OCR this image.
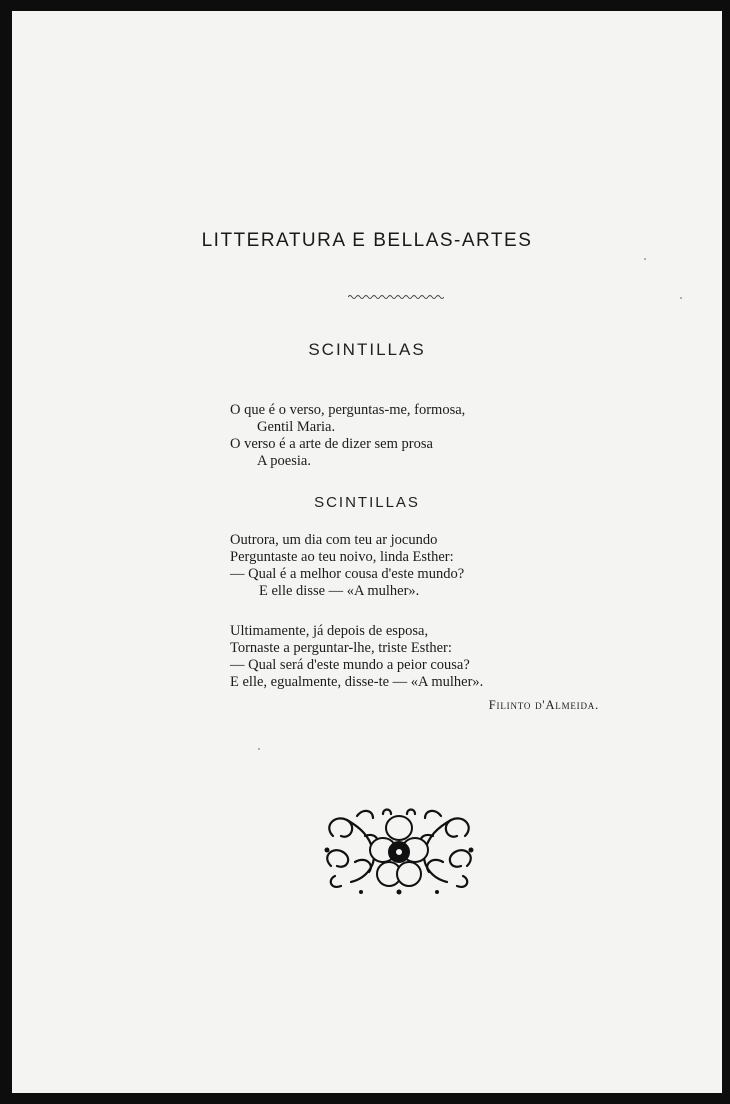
LITTERATURA E BELLAS-ARTES
SCINTILLAS
O que é o verso, perguntas-me, formosa,
Gentil Maria.
O verso é a arte de dizer sem prosa
A poesia.
SCINTILLAS
Outrora, um dia com teu ar jocundo
Perguntaste ao teu noivo, linda Esther:
— Qual é a melhor cousa d'este mundo?
E elle disse — «A mulher».
Ultimamente, já depois de esposa,
Tornaste a perguntar-lhe, triste Esther:
— Qual será d'este mundo a peior cousa?
E elle, egualmente, disse-te — «A mulher».
Filinto d'Almeida.
